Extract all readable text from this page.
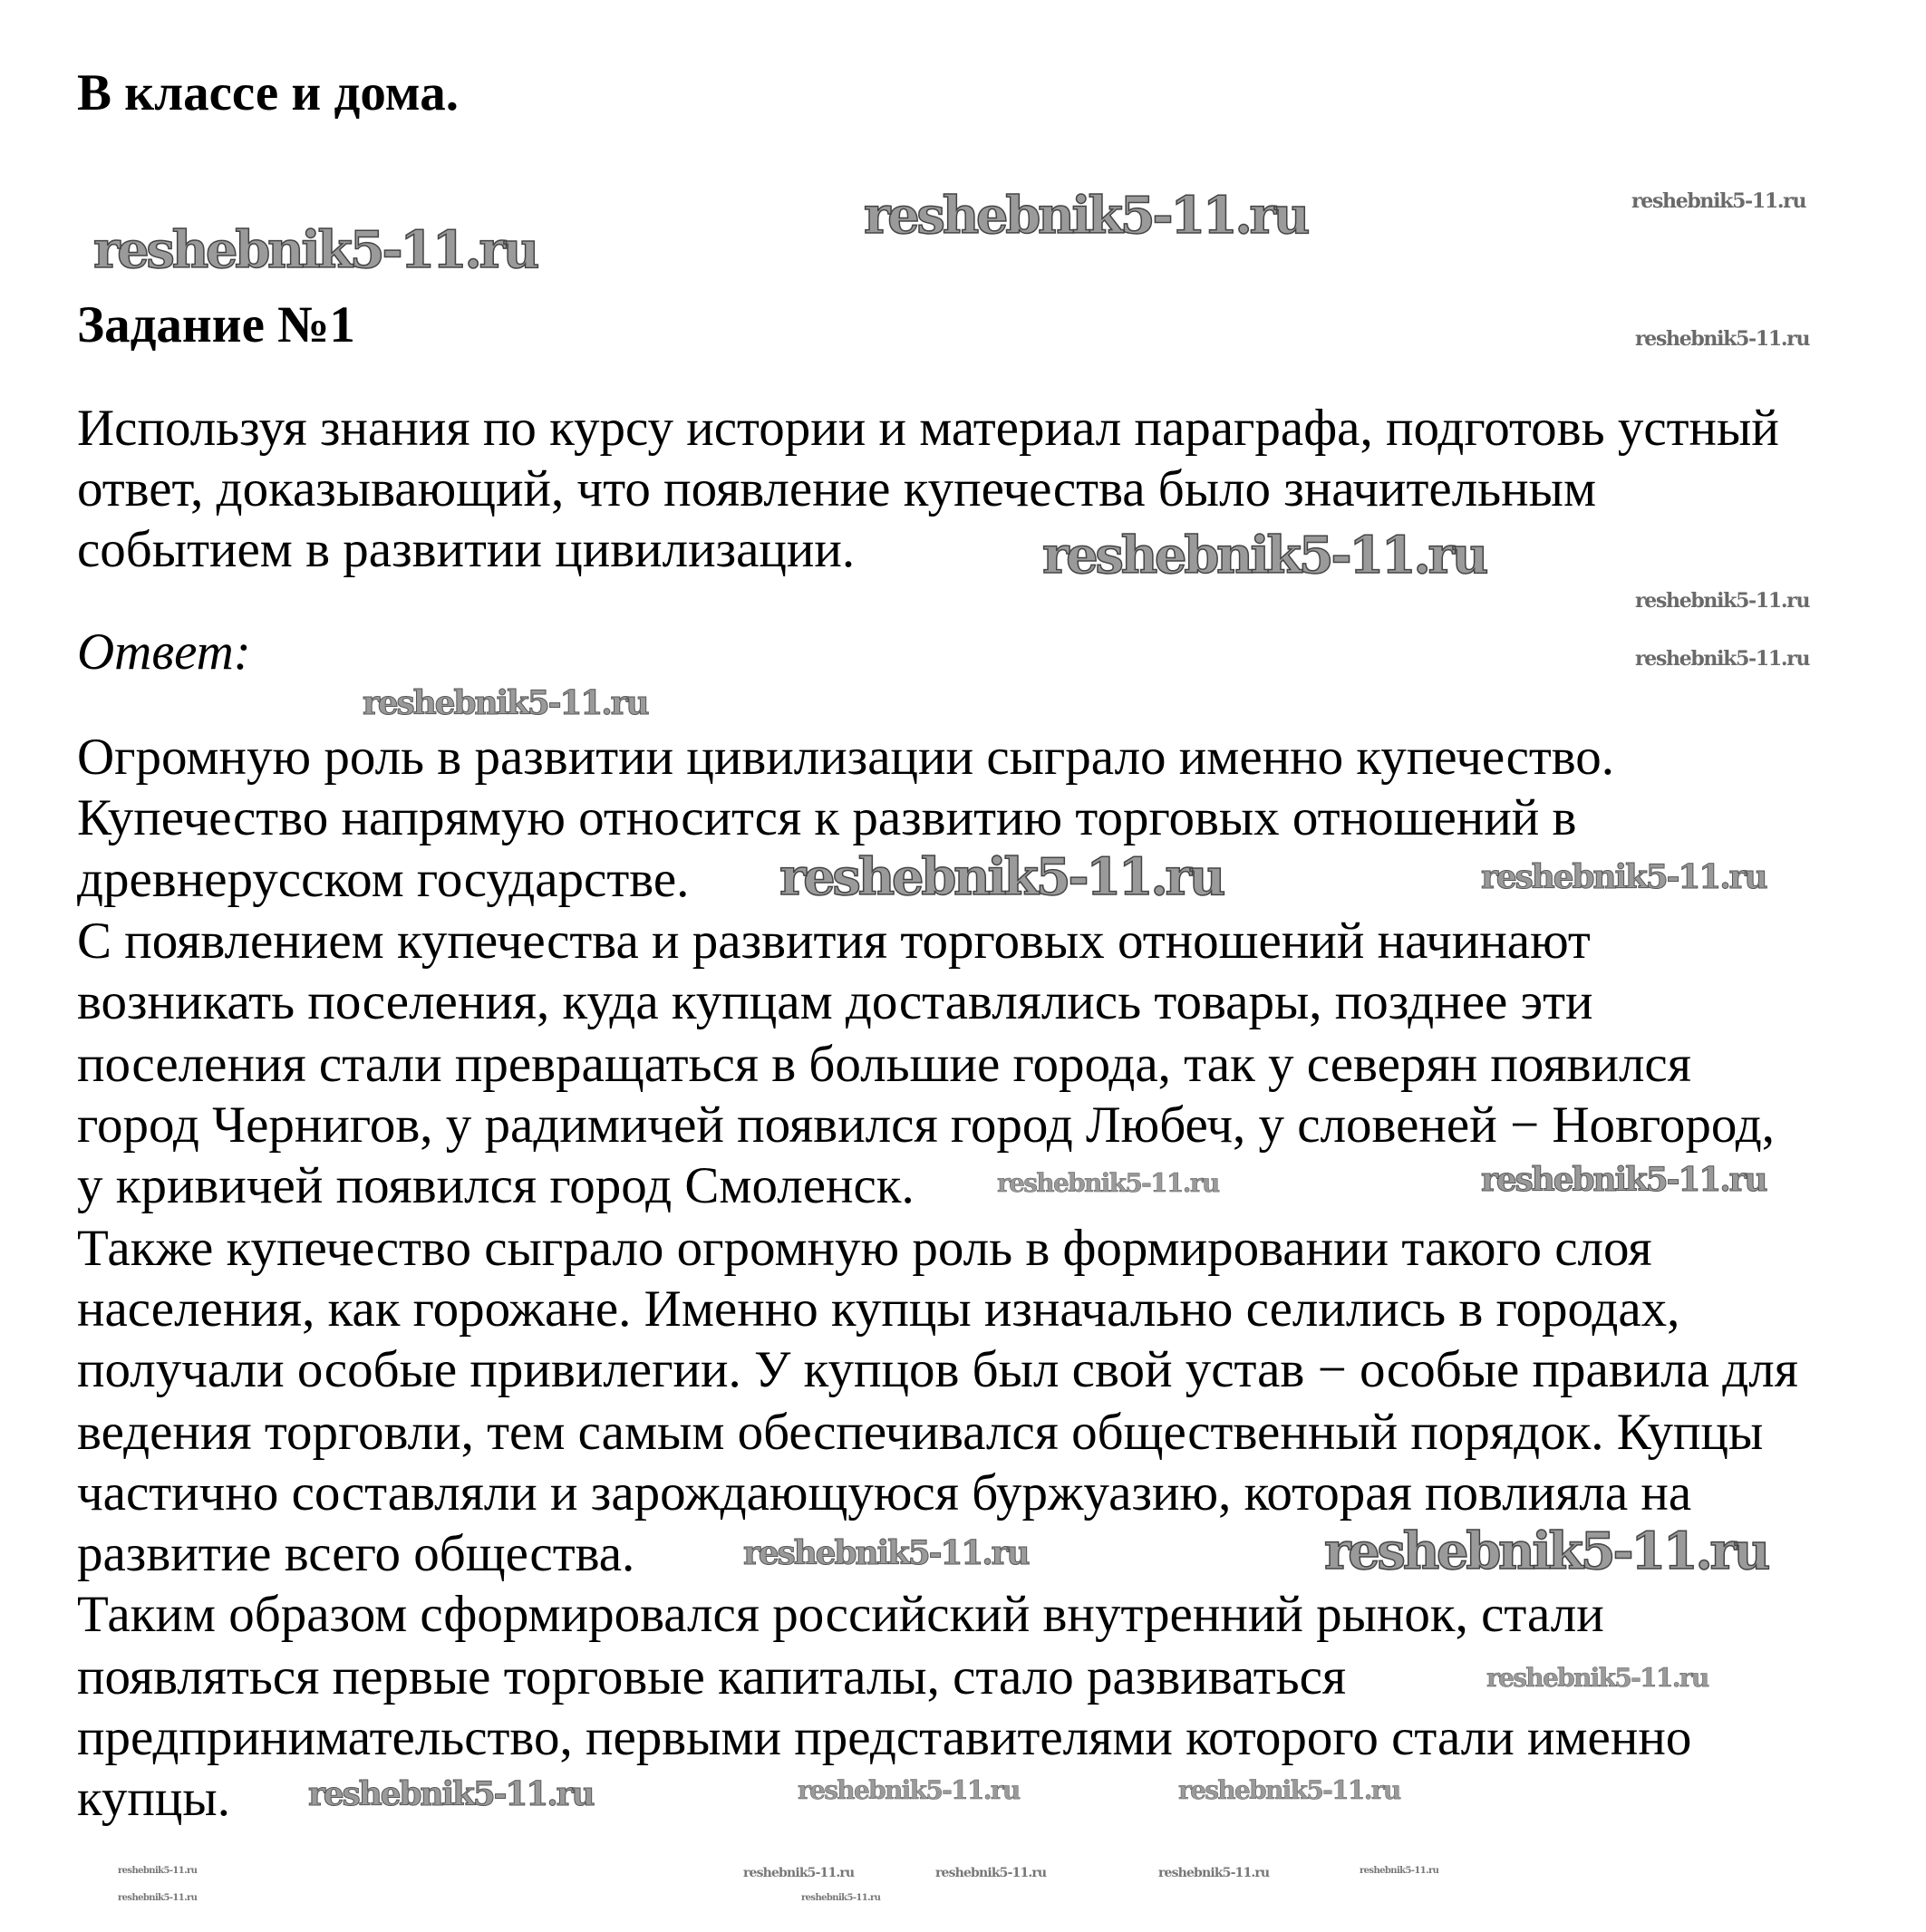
В классе и дома.
Задание №1
Используя знания по курсу истории и материал параграфа, подготовь устный
ответ, доказывающий, что появление купечества было значительным
событием в развитии цивилизации.
Ответ:
Огромную роль в развитии цивилизации сыграло именно купечество.
Купечество напрямую относится к развитию торговых отношений в
древнерусском государстве.
С появлением купечества и развития торговых отношений начинают
возникать поселения, куда купцам доставлялись товары, позднее эти
поселения стали превращаться в большие города, так у северян появился
город Чернигов, у радимичей появился город Любеч, у словеней − Новгород,
у кривичей появился город Смоленск.
Также купечество сыграло огромную роль в формировании такого слоя
населения, как горожане. Именно купцы изначально селились в городах,
получали особые привилегии. У купцов был свой устав − особые правила для
ведения торговли, тем самым обеспечивался общественный порядок. Купцы
частично составляли и зарождающуюся буржуазию, которая повлияла на
развитие всего общества.
Таким образом сформировался российский внутренний рынок, стали
появляться первые торговые капиталы, стало развиваться
предпринимательство, первыми представителями которого стали именно
купцы.
reshebnik5-11.ru	reshebnik5-11.ru
reshebnik5-11.ru
reshebnik5-11.ru
reshebnik5-11.ru
reshebnik5-11.ru
reshebnik5-11.ru
reshebnik5-11.ru
reshebnik5-11.ru	reshebnik5-11.ru
reshebnik5-11.ru	reshebnik5-11.ru
reshebnik5-11.ru	reshebnik5-11.ru	reshebnik5-11.ru	reshebnik5-11.ru
reshebnik5-11.ru
reshebnik5-11.ru	reshebnik5-11.ru
reshebnik5-11.ru
reshebnik5-11.ru
reshebnik5-11.ru	reshebnik5-11.ru
reshebnik5-11.ru	reshebnik5-11.ru
